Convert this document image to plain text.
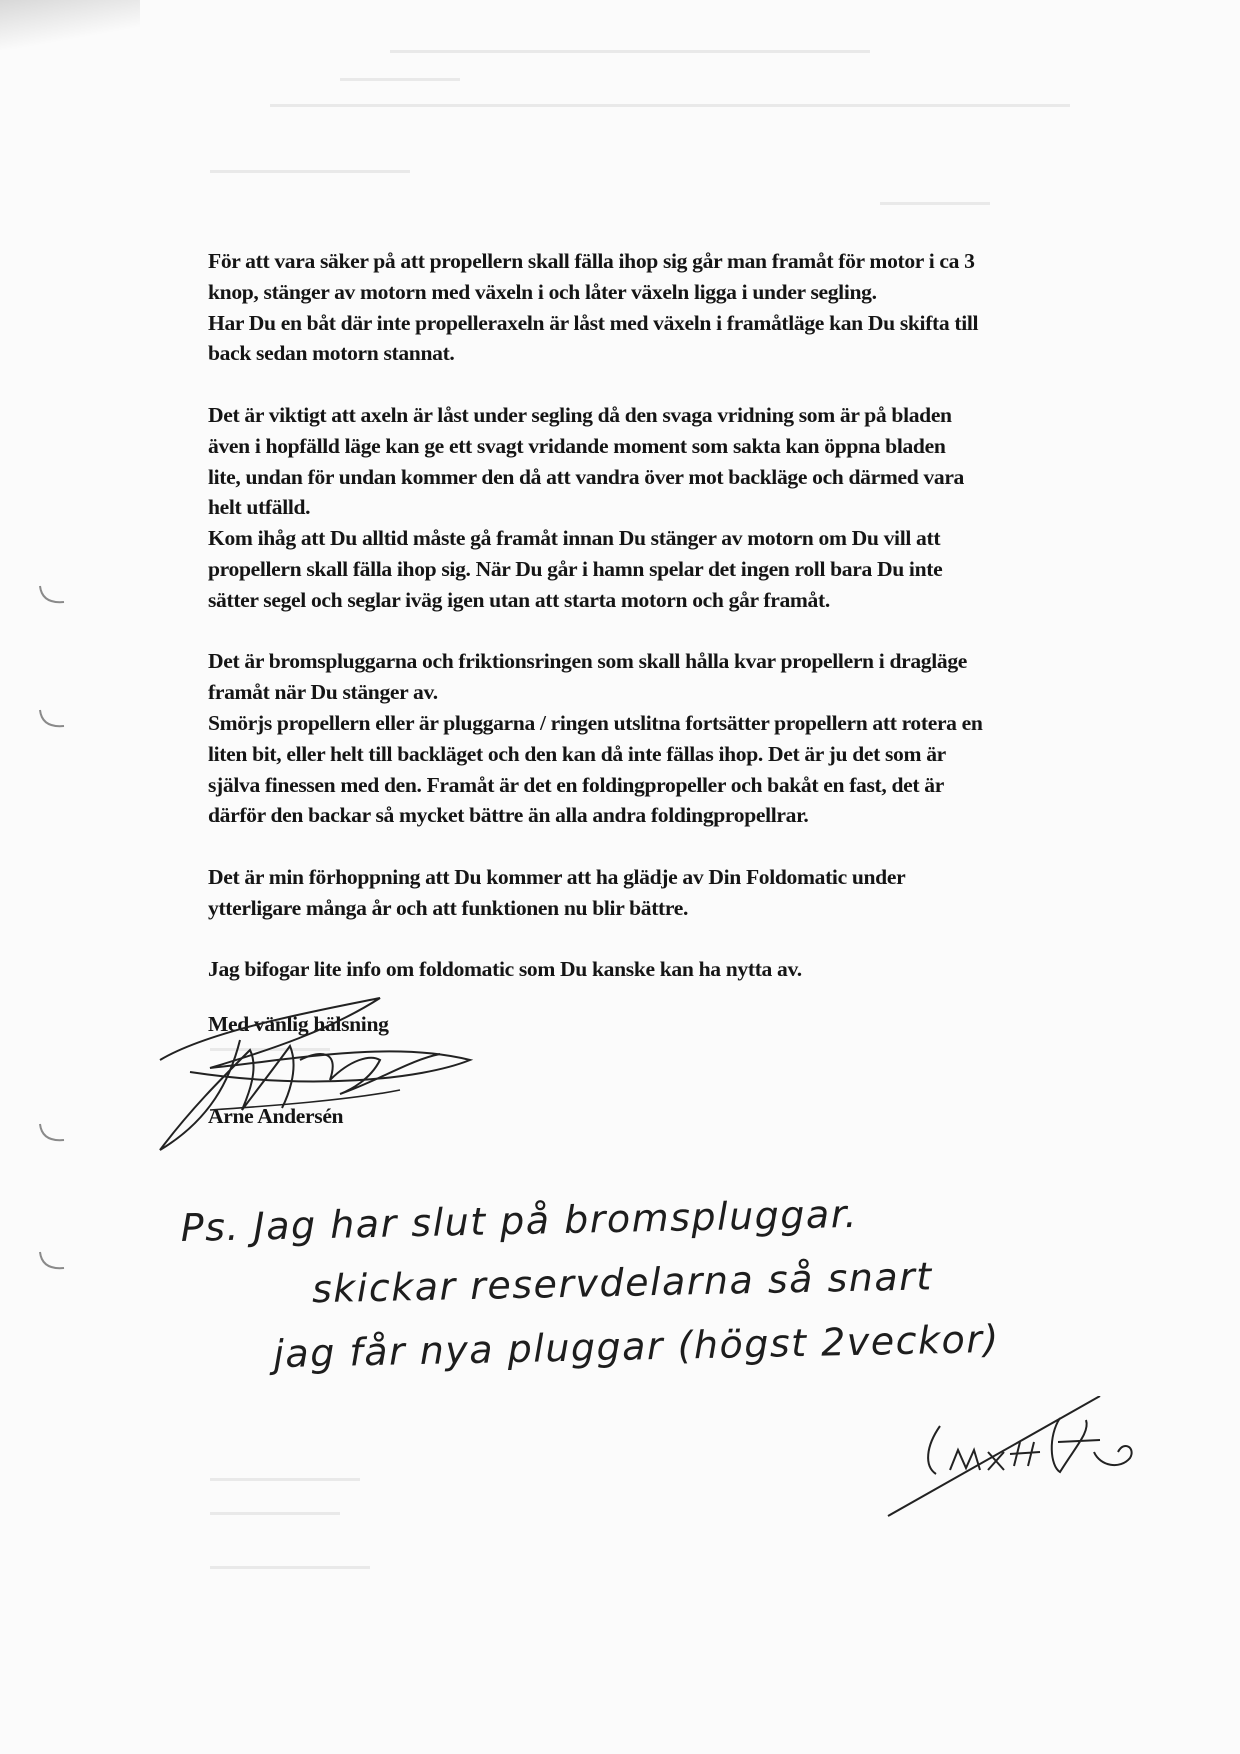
För att vara säker på att propellern skall fälla ihop sig går man framåt för motor i ca 3
knop, stänger av motorn med växeln i och låter växeln ligga i under segling.
Har Du en båt där inte propelleraxeln är låst med växeln i framåtläge kan Du skifta till
back sedan motorn stannat.

Det är viktigt att axeln är låst under segling då den svaga vridning som är på bladen
även i hopfälld läge kan ge ett svagt vridande moment som sakta kan öppna bladen
lite, undan för undan kommer den då att vandra över mot backläge och därmed vara
helt utfälld.
Kom ihåg att Du alltid måste gå framåt innan Du stänger av motorn om Du vill att
propellern skall fälla ihop sig. När Du går i hamn spelar det ingen roll bara Du inte
sätter segel och seglar iväg igen utan att starta motorn och går framåt.

Det är bromspluggarna och friktionsringen som skall hålla kvar propellern i dragläge
framåt när Du stänger av.
Smörjs propellern eller är pluggarna / ringen utslitna fortsätter propellern att rotera en
liten bit, eller helt till backläget och den kan då inte fällas ihop. Det är ju det som är
själva finessen med den. Framåt är det en foldingpropeller och bakåt en fast, det är
därför den backar så mycket bättre än alla andra foldingpropellrar.

Det är min förhoppning att Du kommer att ha glädje av Din Foldomatic under
ytterligare många år och att funktionen nu blir bättre.

Jag bifogar lite info om foldomatic som Du kanske kan ha nytta av.

Med vänlig hälsning
Arne Andersén
Ps. Jag har slut på bromspluggar.
skickar reservdelarna så snart
jag får nya pluggar (högst 2veckor)
